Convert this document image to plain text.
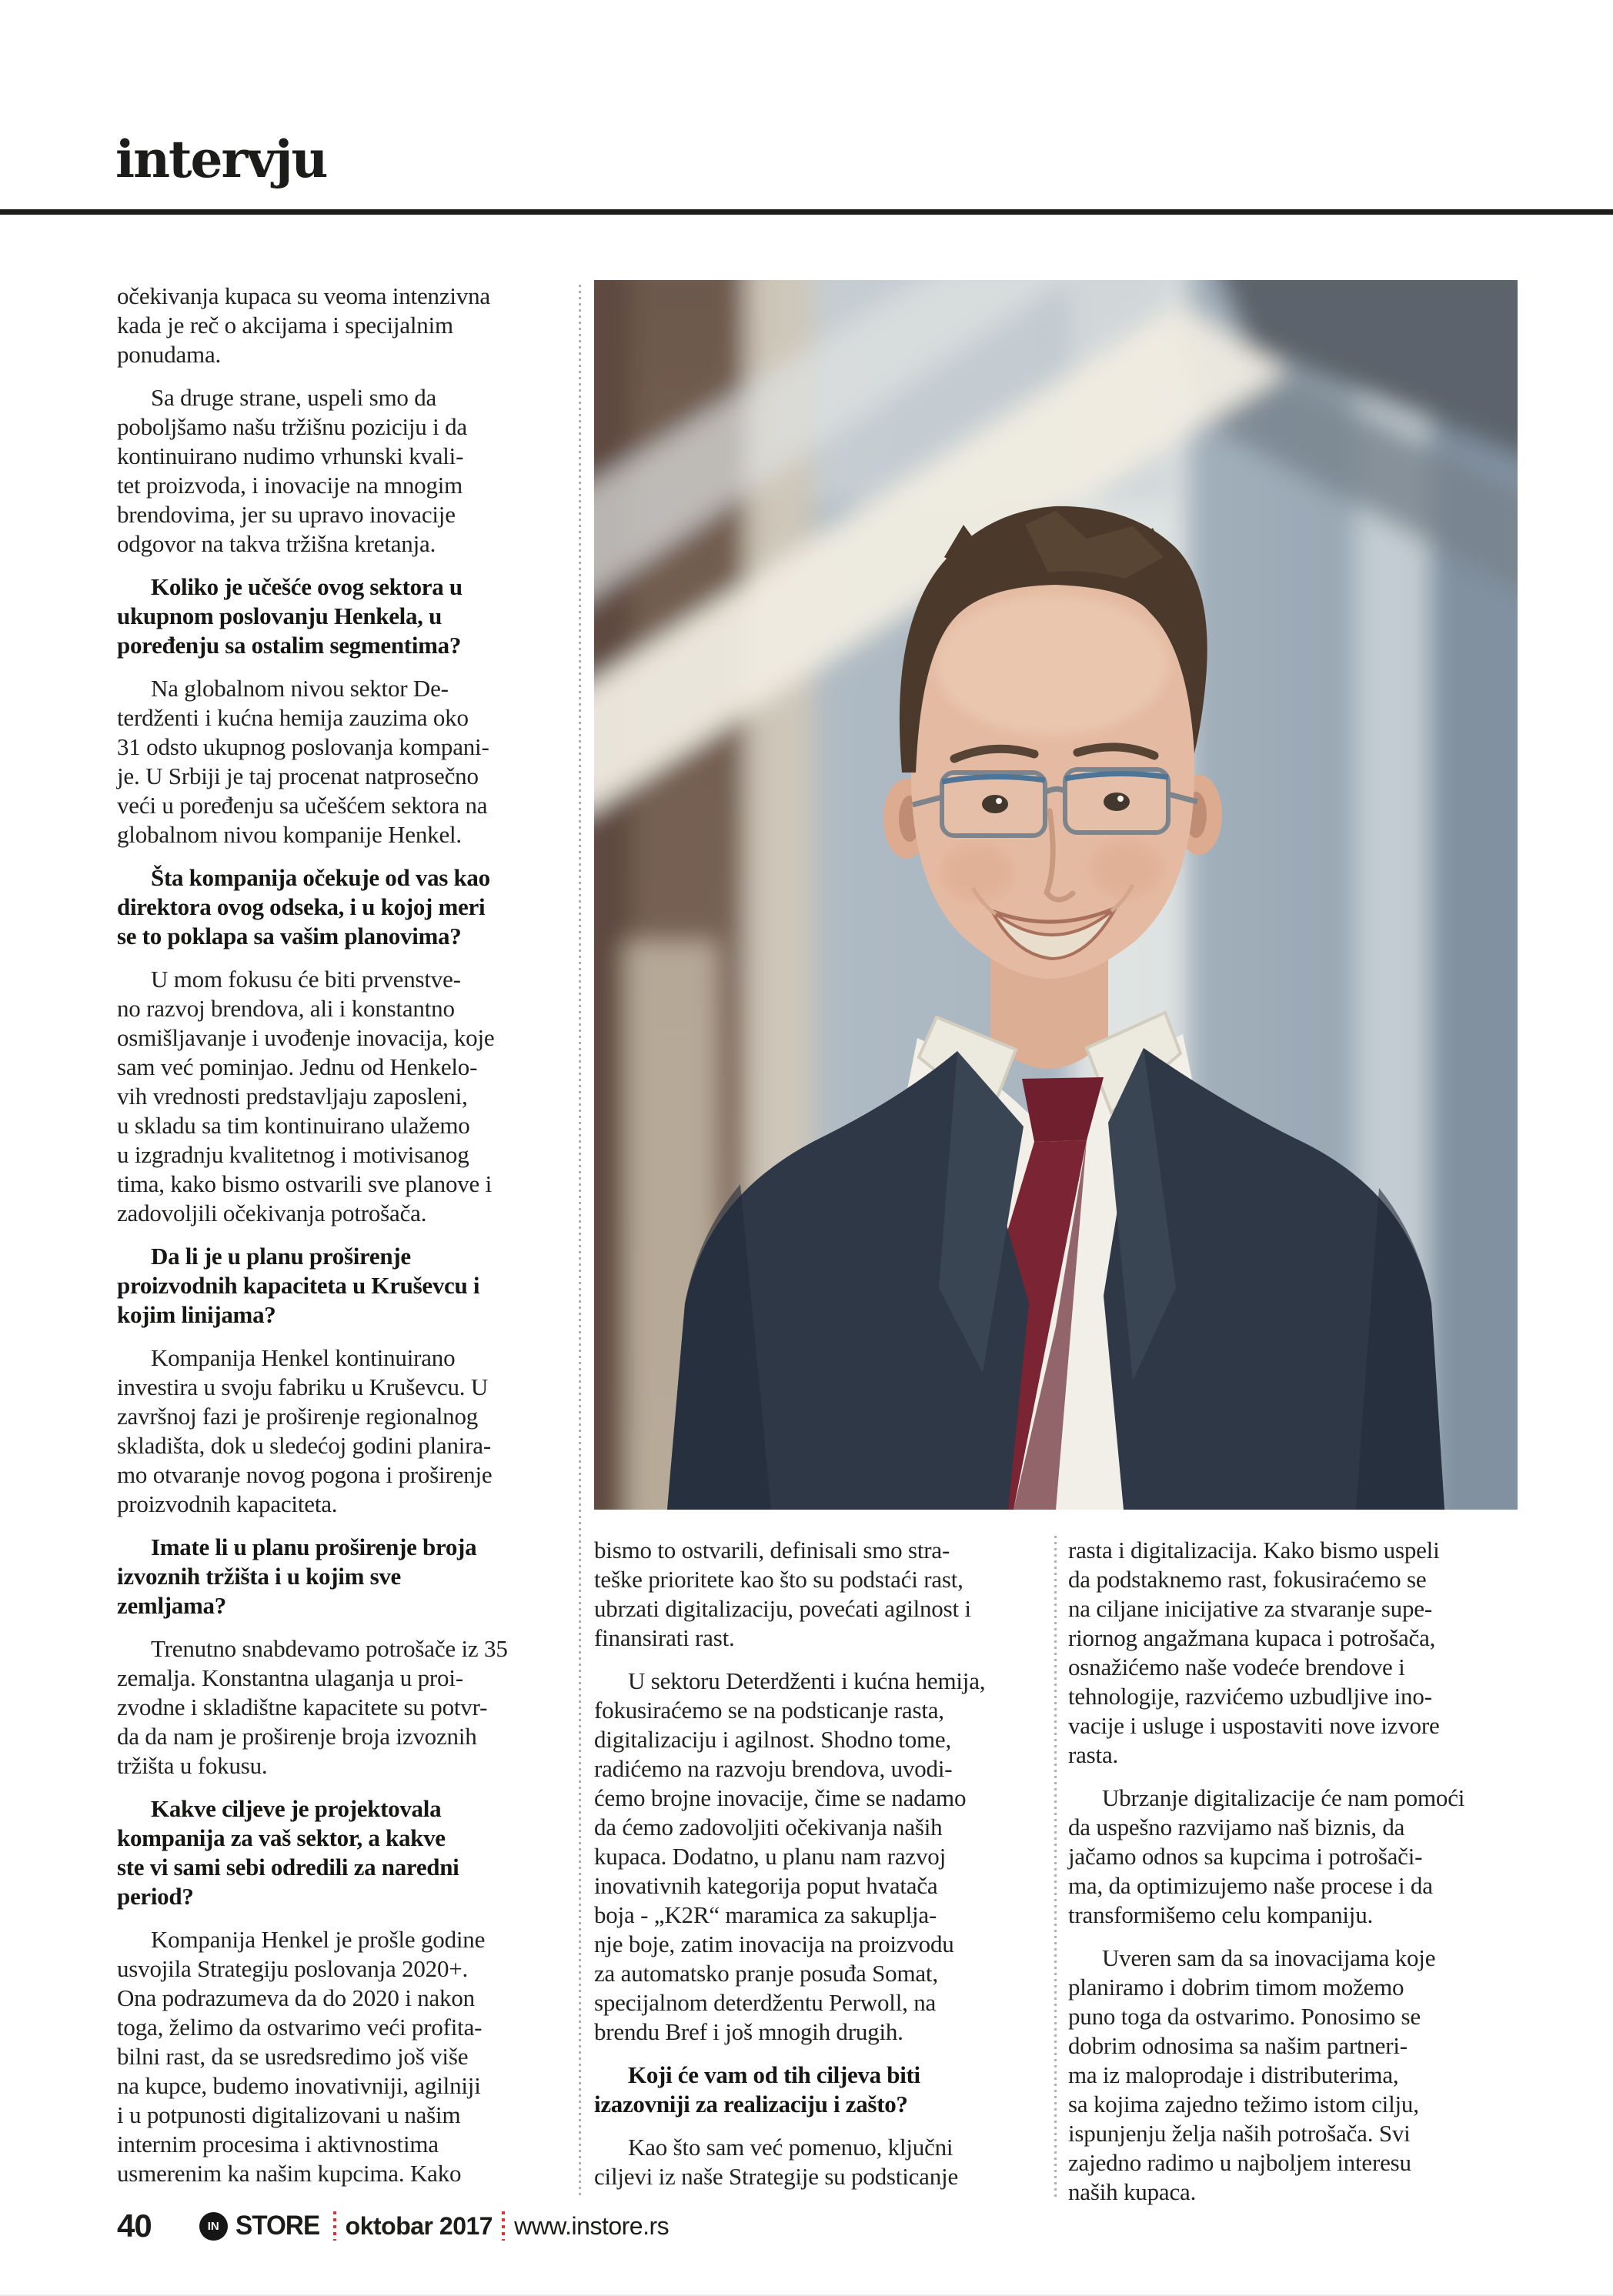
intervju
očekivanja kupaca su veoma intenzivna
kada je reč o akcijama i specijalnim
ponudama.
Sa druge strane, uspeli smo da
poboljšamo našu tržišnu poziciju i da
kontinuirano nudimo vrhunski kvali-
tet proizvoda, i inovacije na mnogim
brendovima, jer su upravo inovacije
odgovor na takva tržišna kretanja.
Koliko je učešće ovog sektora u
ukupnom poslovanju Henkela, u
poređenju sa ostalim segmentima?
Na globalnom nivou sektor De-
terdženti i kućna hemija zauzima oko
31 odsto ukupnog poslovanja kompani-
je. U Srbiji je taj procenat natprosečno
veći u poređenju sa učešćem sektora na
globalnom nivou kompanije Henkel.
Šta kompanija očekuje od vas kao
direktora ovog odseka, i u kojoj meri
se to poklapa sa vašim planovima?
U mom fokusu će biti prvenstve-
no razvoj brendova, ali i konstantno
osmišljavanje i uvođenje inovacija, koje
sam već pominjao. Jednu od Henkelo-
vih vrednosti predstavljaju zaposleni,
u skladu sa tim kontinuirano ulažemo
u izgradnju kvalitetnog i motivisanog
tima, kako bismo ostvarili sve planove i
zadovoljili očekivanja potrošača.
Da li je u planu proširenje
proizvodnih kapaciteta u Kruševcu i
kojim linijama?
Kompanija Henkel kontinuirano
investira u svoju fabriku u Kruševcu. U
završnoj fazi je proširenje regionalnog
skladišta, dok u sledećoj godini planira-
mo otvaranje novog pogona i proširenje
proizvodnih kapaciteta.
Imate li u planu proširenje broja
izvoznih tržišta i u kojim sve
zemljama?
Trenutno snabdevamo potrošače iz 35
zemalja. Konstantna ulaganja u proi-
zvodne i skladištne kapacitete su potvr-
da da nam je proširenje broja izvoznih
tržišta u fokusu.
Kakve ciljeve je projektovala
kompanija za vaš sektor, a kakve
ste vi sami sebi odredili za naredni
period?
Kompanija Henkel je prošle godine
usvojila Strategiju poslovanja 2020+.
Ona podrazumeva da do 2020 i nakon
toga, želimo da ostvarimo veći profita-
bilni rast, da se usredsredimo još više
na kupce, budemo inovativniji, agilniji
i u potpunosti digitalizovani u našim
internim procesima i aktivnostima
usmerenim ka našim kupcima. Kako
bismo to ostvarili, definisali smo stra-
teške prioritete kao što su podstaći rast,
ubrzati digitalizaciju, povećati agilnost i
finansirati rast.
U sektoru Deterdženti i kućna hemija,
fokusiraćemo se na podsticanje rasta,
digitalizaciju i agilnost. Shodno tome,
radićemo na razvoju brendova, uvodi-
ćemo brojne inovacije, čime se nadamo
da ćemo zadovoljiti očekivanja naših
kupaca. Dodatno, u planu nam razvoj
inovativnih kategorija poput hvatača
boja - „K2R“ maramica za sakuplja-
nje boje, zatim inovacija na proizvodu
za automatsko pranje posuđa Somat,
specijalnom deterdžentu Perwoll, na
brendu Bref i još mnogih drugih.
Koji će vam od tih ciljeva biti
izazovniji za realizaciju i zašto?
Kao što sam već pomenuo, ključni
ciljevi iz naše Strategije su podsticanje
rasta i digitalizacija. Kako bismo uspeli
da podstaknemo rast, fokusiraćemo se
na ciljane inicijative za stvaranje supe-
riornog angažmana kupaca i potrošača,
osnažićemo naše vodeće brendove i
tehnologije, razvićemo uzbudljive ino-
vacije i usluge i uspostaviti nove izvore
rasta.
Ubrzanje digitalizacije će nam pomoći
da uspešno razvijamo naš biznis, da
jačamo odnos sa kupcima i potrošači-
ma, da optimizujemo naše procese i da
transformišemo celu kompaniju.
Uveren sam da sa inovacijama koje
planiramo i dobrim timom možemo
puno toga da ostvarimo. Ponosimo se
dobrim odnosima sa našim partneri-
ma iz maloprodaje i distributerima,
sa kojima zajedno težimo istom cilju,
ispunjenju želja naših potrošača. Svi
zajedno radimo u najboljem interesu
naših kupaca.
40	IN STORE oktobar 2017 www.instore.rs
